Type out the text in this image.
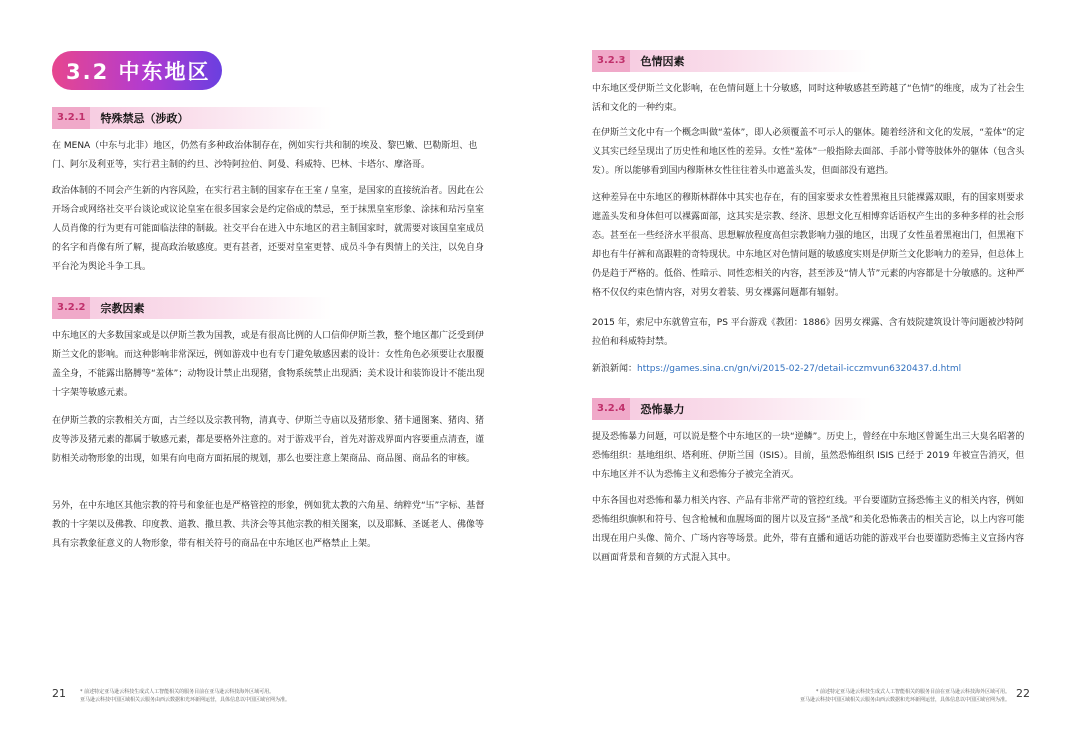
3.2 中东地区
3.2.1	特殊禁忌（涉政）

在 MENA（中东与北非）地区，仍然有多种政治体制存在，例如实行共和制的埃及、黎巴嫩、巴勒斯坦、也门、阿尔及利亚等，实行君主制的约旦、沙特阿拉伯、阿曼、科威特、巴林、卡塔尔、摩洛哥。

政治体制的不同会产生新的内容风险，在实行君主制的国家存在王室 / 皇室，是国家的直接统治者。因此在公开场合或网络社交平台谈论或议论皇室在很多国家会是约定俗成的禁忌，至于抹黑皇室形象、涂抹和玷污皇室人员肖像的行为更有可能面临法律的制裁。社交平台在进入中东地区的君主制国家时，就需要对该国皇室成员的名字和肖像有所了解，提高政治敏感度。更有甚者，还要对皇室更替、成员斗争有舆情上的关注，以免自身平台沦为舆论斗争工具。

3.2.2	宗教因素

中东地区的大多数国家或是以伊斯兰教为国教，或是有很高比例的人口信仰伊斯兰教，整个地区都广泛受到伊斯兰文化的影响。而这种影响非常深远，例如游戏中也有专门避免敏感因素的设计：女性角色必须要让衣服覆盖全身，不能露出胳膊等“羞体”；动物设计禁止出现猪，食物系统禁止出现酒；美术设计和装饰设计不能出现十字架等敏感元素。

在伊斯兰教的宗教相关方面，古兰经以及宗教刊物，清真寺、伊斯兰寺庙以及猪形象、猪卡通图案、猪肉、猪皮等涉及猪元素的都属于敏感元素，都是要格外注意的。对于游戏平台，首先对游戏界面内容要重点清查，谨防相关动物形象的出现，如果有向电商方面拓展的规划，那么也要注意上架商品、商品图、商品名的审核。

另外，在中东地区其他宗教的符号和象征也是严格管控的形象，例如犹太教的六角星、纳粹党“卐”字标、基督教的十字架以及佛教、印度教、道教、撒旦教、共济会等其他宗教的相关图案，以及耶稣、圣诞老人、佛像等具有宗教象征意义的人物形象，带有相关符号的商品在中东地区也严格禁止上架。

21	* 前述特定亚马逊云科技生成式人工智能相关的服务目前在亚马逊云科技海外区域可用。
亚马逊云科技中国区域相关云服务由西云数据和光环新网运营，具体信息以中国区域官网为准。
3.2.3	色情因素

中东地区受伊斯兰文化影响，在色情问题上十分敏感，同时这种敏感甚至跨越了“色情”的维度，成为了社会生活和文化的一种约束。

在伊斯兰文化中有一个概念叫做“羞体”，即人必须覆盖不可示人的躯体。随着经济和文化的发展，“羞体”的定义其实已经呈现出了历史性和地区性的差异。女性“羞体”一般指除去面部、手部小臂等肢体外的躯体（包含头发）。所以能够看到国内穆斯林女性往往着头巾遮盖头发，但面部没有遮挡。

这种差异在中东地区的穆斯林群体中其实也存在，有的国家要求女性着黑袍且只能裸露双眼，有的国家则要求遮盖头发和身体但可以裸露面部，这其实是宗教、经济、思想文化互相博弈话语权产生出的多种多样的社会形态。甚至在一些经济水平很高、思想解放程度高但宗教影响力强的地区，出现了女性虽着黑袍出门，但黑袍下却也有牛仔裤和高跟鞋的奇特现状。中东地区对色情问题的敏感度实则是伊斯兰文化影响力的差异，但总体上仍是趋于严格的。低俗、性暗示、同性恋相关的内容，甚至涉及“情人节”元素的内容都是十分敏感的。这种严格不仅仅约束色情内容，对男女着装、男女裸露问题都有辐射。

2015 年，索尼中东就曾宣布，PS 平台游戏《教团：1886》因男女裸露、含有妓院建筑设计等问题被沙特阿拉伯和科威特封禁。

新浪新闻：https://games.sina.cn/gn/vi/2015-02-27/detail-icczmvun6320437.d.html

3.2.4	恐怖暴力

提及恐怖暴力问题，可以说是整个中东地区的一块“逆鳞”。历史上，曾经在中东地区曾诞生出三大臭名昭著的恐怖组织：基地组织、塔利班、伊斯兰国（ISIS）。目前，虽然恐怖组织 ISIS 已经于 2019 年被宣告消灭，但中东地区并不认为恐怖主义和恐怖分子被完全消灭。

中东各国也对恐怖和暴力相关内容、产品有非常严苛的管控红线。平台要谨防宣扬恐怖主义的相关内容，例如恐怖组织旗帜和符号、包含枪械和血腥场面的图片以及宣扬“圣战”和美化恐怖袭击的相关言论，以上内容可能出现在用户头像、简介、广场内容等场景。此外，带有直播和通话功能的游戏平台也要谨防恐怖主义宣扬内容以画面背景和音频的方式混入其中。

* 前述特定亚马逊云科技生成式人工智能相关的服务目前在亚马逊云科技海外区域可用。
亚马逊云科技中国区域相关云服务由西云数据和光环新网运营，具体信息以中国区域官网为准。 22
